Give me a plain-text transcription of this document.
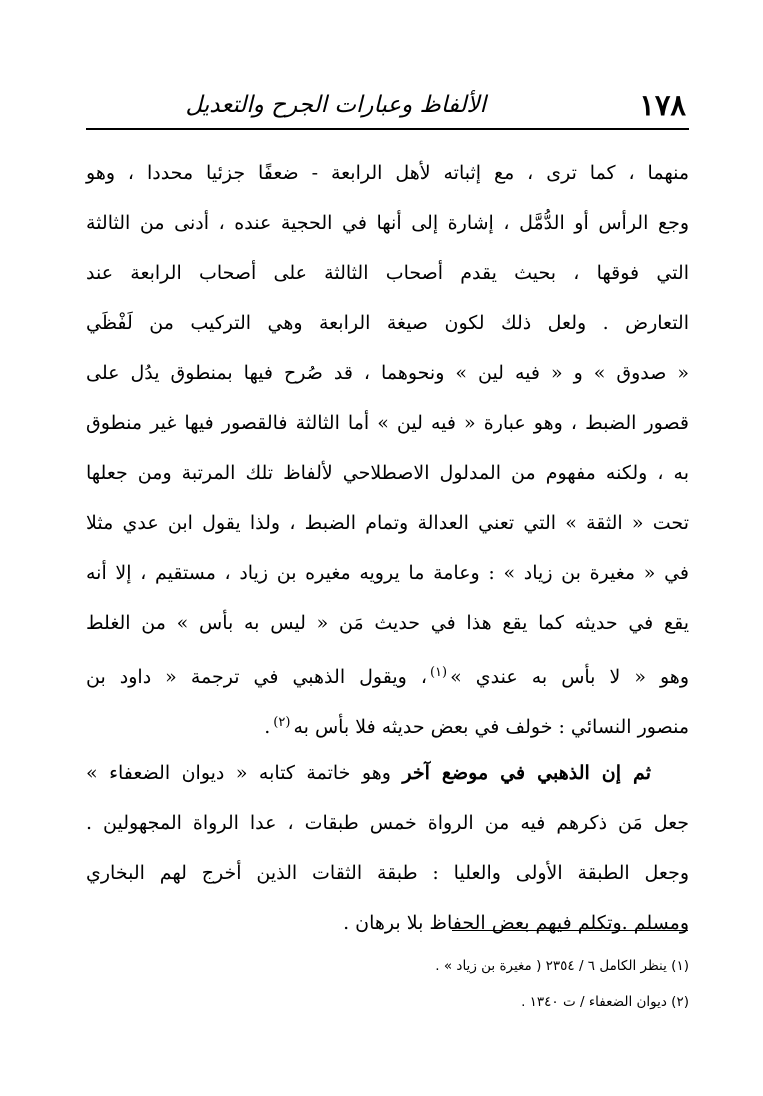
١٧٨
الألفاظ وعبارات الجرح والتعديل
منهما ، كما ترى ، مع إثباته لأهل الرابعة - ضعفًا جزئيا محددا ، وهو
وجع الرأس أو الدُّمَّل ، إشارة إلى أنها في الحجية عنده ، أدنى من الثالثة
التي فوقها ، بحيث يقدم أصحاب الثالثة على أصحاب الرابعة عند
التعارض . ولعل ذلك لكون صيغة الرابعة وهي التركيب من لَفْظَي
« صدوق » و « فيه لين » ونحوهما ، قد صُرح فيها بمنطوق يدُل على
قصور الضبط ، وهو عبارة « فيه لين » أما الثالثة فالقصور فيها غير منطوق
به ، ولكنه مفهوم من المدلول الاصطلاحي لألفاظ تلك المرتبة ومن جعلها
تحت « الثقة » التي تعني العدالة وتمام الضبط ، ولذا يقول ابن عدي مثلا
في « مغيرة بن زياد » : وعامة ما يرويه مغيره بن زياد ، مستقيم ، إلا أنه
يقع في حديثه كما يقع هذا في حديث مَن « ليس به بأس » من الغلط
وهو « لا بأس به عندي »$^{(١)}$، ويقول الذهبي في ترجمة « داود بن
منصور النسائي : خولف في بعض حديثه فلا بأس به$^{(٢)}$.
  ثم إن الذهبي في موضع آخر وهو خاتمة كتابه « ديوان الضعفاء »
جعل مَن ذكرهم فيه من الرواة خمس طبقات ، عدا الرواة المجهولين .
وجعل الطبقة الأولى والعليا : طبقة الثقات الذين أخرج لهم البخاري
ومسلم .وتكلم فيهم بعض الحفاظ بلا برهان .
(١) ينظر الكامل ٦ / ٢٣٥٤ ( مغيرة بن زياد » .
(٢) ديوان الضعفاء / ت ١٣٤٠ .
